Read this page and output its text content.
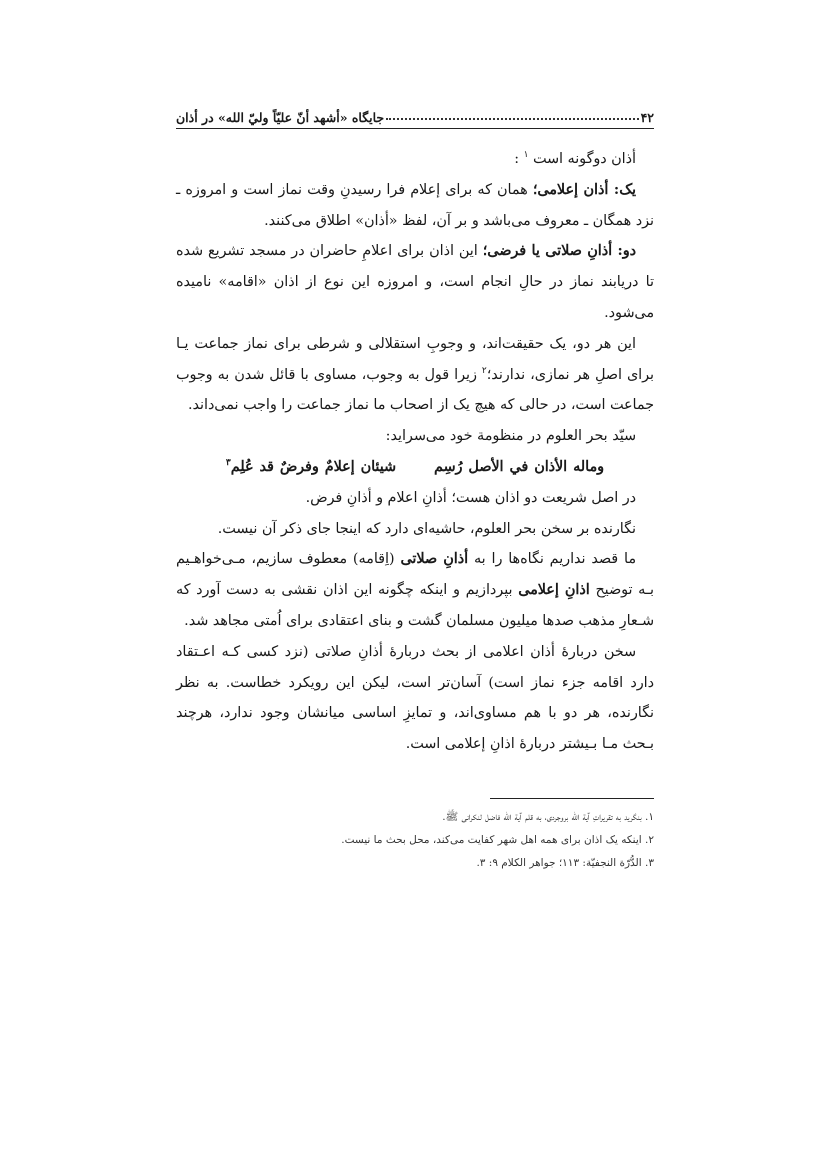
۴۲
جايگاه «أشهد أنّ عليّاً وليّ الله» در أذان

أذان دوگونه است $^۱$ :

يک: أذان إعلامی؛ همان که براى إعلام فرا رسيدنِ وقت نماز است و امروزه ـ نزد همگان ـ معروف مى‌باشد و بر آن، لفظ «أذان» اطلاق مى‌كنند.

دو: أذانِ صلاتی يا فرضی؛ اين اذان براى اعلامِ حاضران در مسجد تشريع شده تا دريابند نماز در حالِ انجام است، و امروزه اين نوع از اذان «اقامه» ناميده مى‌شود.

اين هر دو، يک حقيقت‌اند، و وجوبِ استقلالى و شرطى براى نماز جماعت يـا براى اصلِ هر نمازى، ندارند؛$^۲$ زيرا قول به وجوب، مساوى با قائل شدن به وجوب جماعت است، در حالى كه هيچ يک از اصحاب ما نماز جماعت را واجب نمى‌داند.

سيّد بحر العلوم در منظومة خود مى‌سرايد:

وماله الأذان في الأصل رُسِم  شيئان إعلامٌ وفرضٌ قد عُلِم$^۳$

در اصل شريعت دو اذان هست؛ أذانِ اعلام و أذانِ فرض.

نگارنده بر سخن بحر العلوم، حاشيه‌اى دارد كه اينجا جاى ذكر آن نيست.

ما قصد نداريم نگاه‌ها را به أذانِ صلاتی (اِقامه) معطوف سازيم، مـى‌خواهـيم بـه توضيح اذانِ إعلامی بپردازيم و اينكه چگونه اين اذان نقشى به دست آورد كه شـعارِ مذهب صدها ميليون مسلمان گشت و بناى اعتقادى براى اُمتى مجاهد شد.

سخن دربارۀ أذان اعلامى از بحث دربارۀ أذانِ صلاتى (نزد كسى كـه اعـتقاد دارد اقامه جزء نماز است) آسان‌تر است، ليكن اين رويكرد خطاست. به نظر نگارنده، هر دو با هم مساوى‌اند، و تمايزِ اساسى ميانشان وجود ندارد، هرچند بـحث مـا بـيشتر دربارۀ اذانِ إعلامى است.

۱. بنگريد به تقريراتِ آية الله بروجردى، به قلم آية الله فاضل لنكرانى ﷺ.
۲. اينكه يک اذان براى همه اهل شهر كفايت مى‌كند، محل بحث ما نيست.
۳. الدُّرّة النجفيّة: ۱۱۳؛ جواهر الكلام ۹: ۳.
